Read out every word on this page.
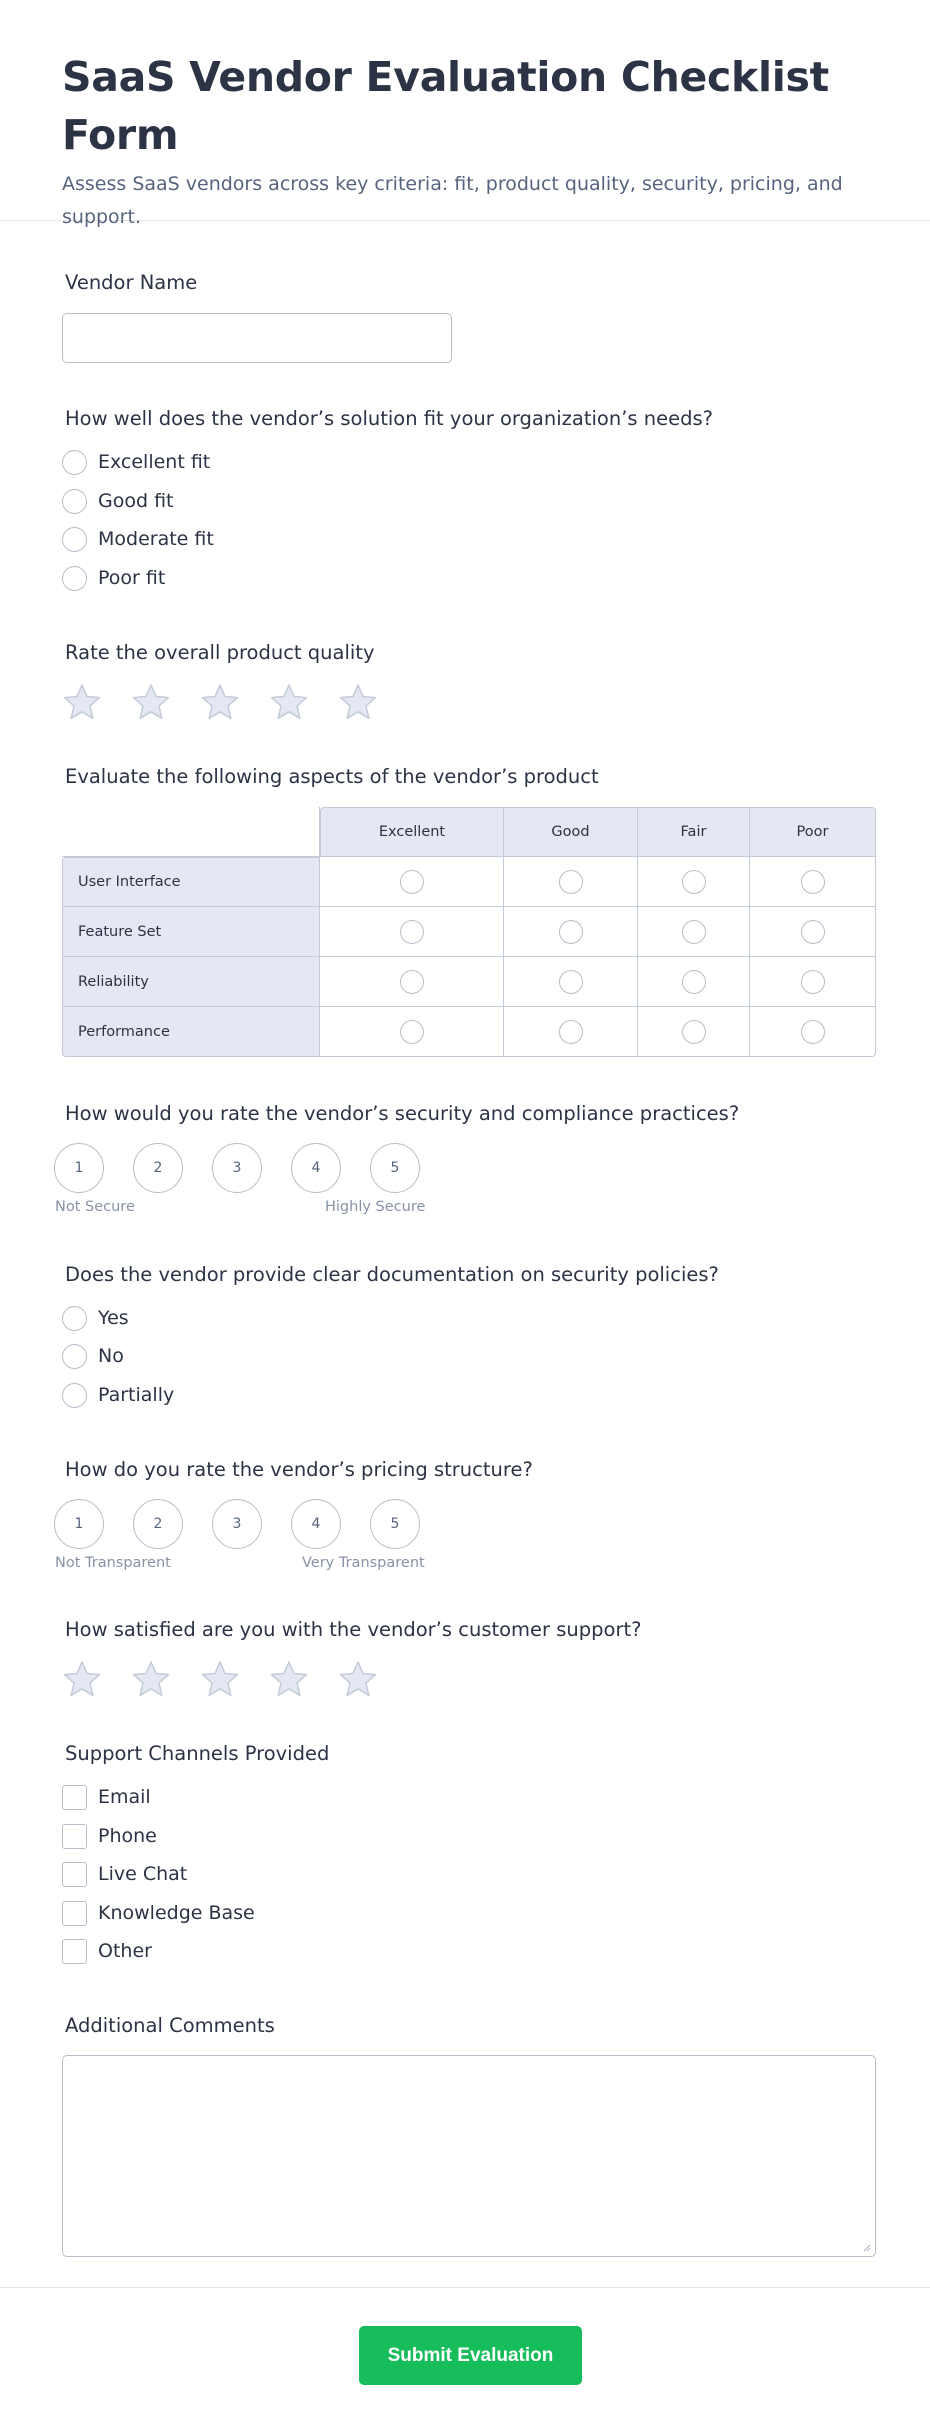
SaaS Vendor Evaluation Checklist Form

Assess SaaS vendors across key criteria: fit, product quality, security, pricing, and support.

Vendor Name
How well does the vendor’s solution fit your organization’s needs?
Excellent fit
Good fit
Moderate fit
Poor fit
Rate the overall product quality
Evaluate the following aspects of the vendor’s product
	Excellent	Good	Fair	Poor
User Interface				
Feature Set				
Reliability				
Performance				
How would you rate the vendor’s security and compliance practices?
1	2	3	4	5
Not Secure	Highly Secure
Does the vendor provide clear documentation on security policies?
Yes
No
Partially
How do you rate the vendor’s pricing structure?
1	2	3	4	5
Not Transparent	Very Transparent
How satisfied are you with the vendor’s customer support?
Support Channels Provided
Email
Phone
Live Chat
Knowledge Base
Other
Additional Comments
Submit Evaluation
